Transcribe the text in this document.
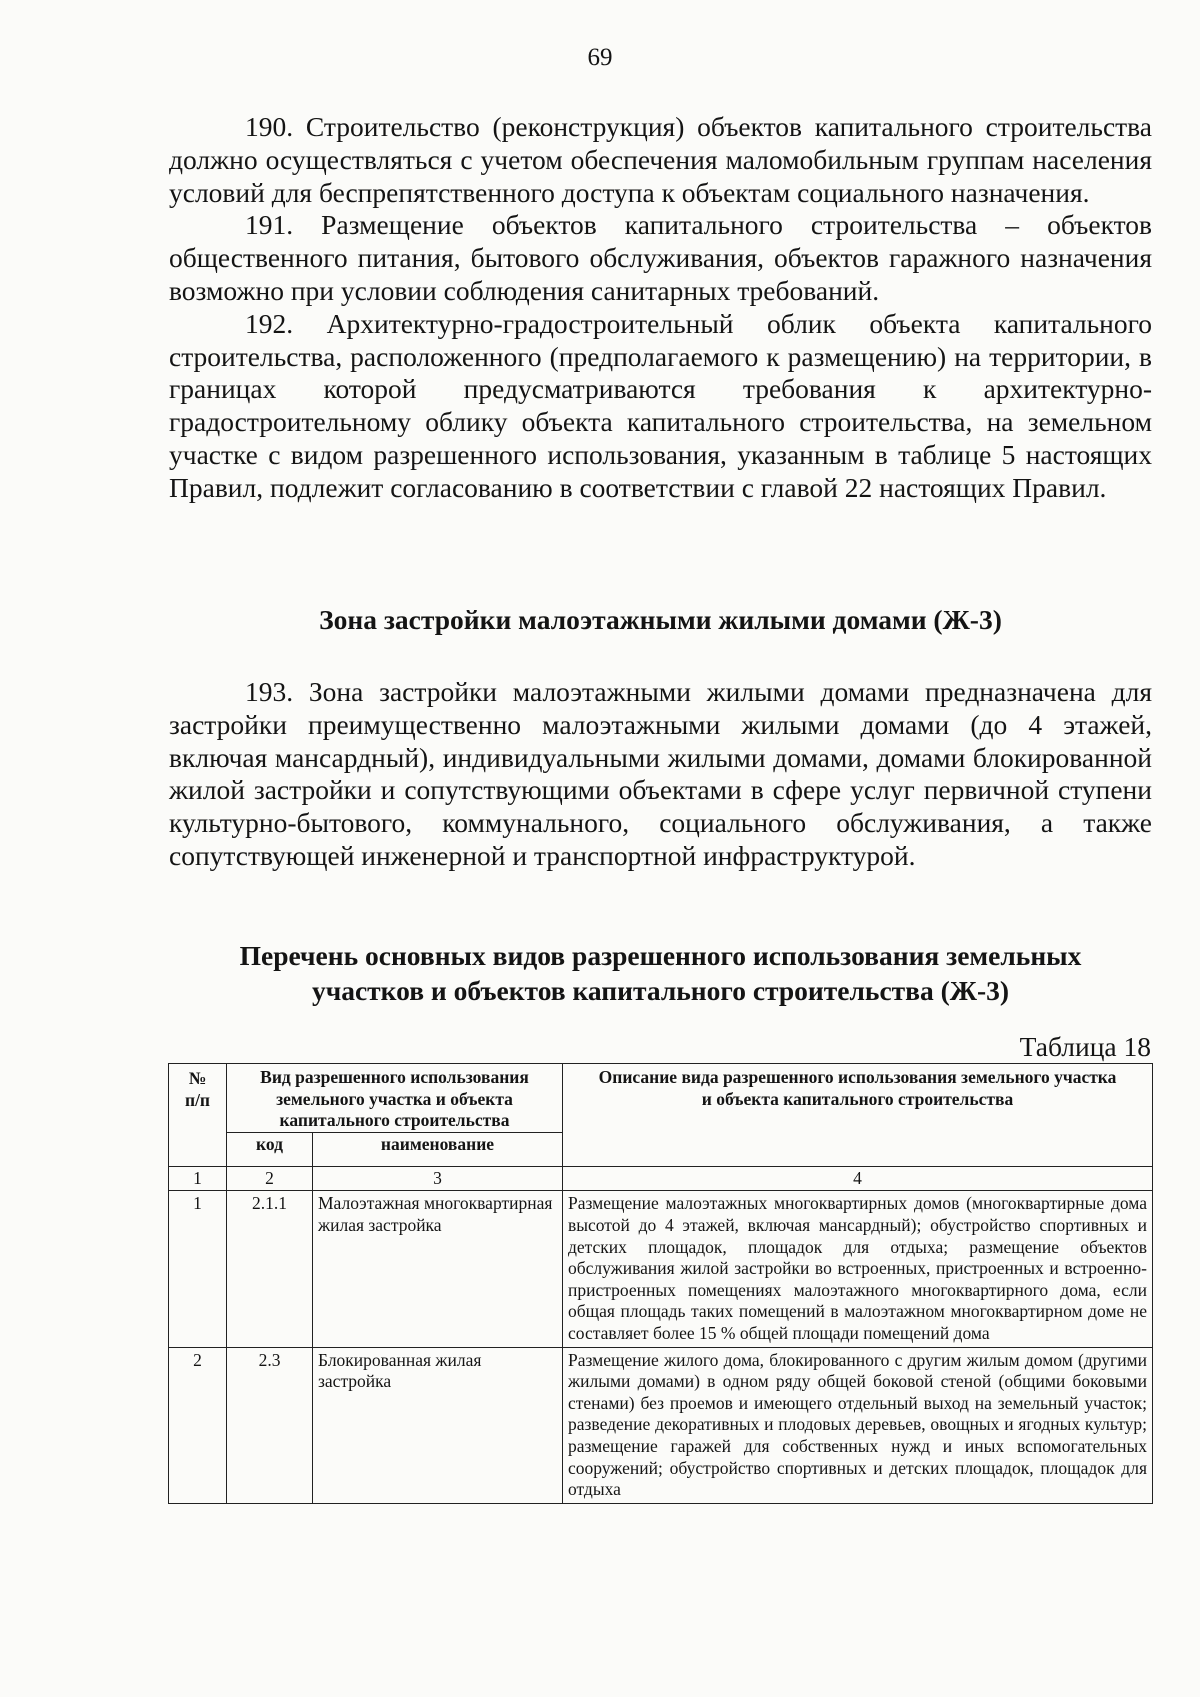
69

190. Строительство (реконструкция) объектов капитального строительства должно осуществляться с учетом обеспечения маломобильным группам населения условий для беспрепятственного доступа к объектам социального назначения.

191. Размещение объектов капитального строительства – объектов общественного питания, бытового обслуживания, объектов гаражного назначения возможно при условии соблюдения санитарных требований.

192. Архитектурно-градостроительный облик объекта капитального строительства, расположенного (предполагаемого к размещению) на территории, в границах которой предусматриваются требования к архитектурно-градостроительному облику объекта капитального строительства, на земельном участке с видом разрешенного использования, указанным в таблице 5 настоящих Правил, подлежит согласованию в соответствии с главой 22 настоящих Правил.

Зона застройки малоэтажными жилыми домами (Ж-3)

193. Зона застройки малоэтажными жилыми домами предназначена для застройки преимущественно малоэтажными жилыми домами (до 4 этажей, включая мансардный), индивидуальными жилыми домами, домами блокированной жилой застройки и сопутствующими объектами в сфере услуг первичной ступени культурно-бытового, коммунального, социального обслуживания, а также сопутствующей инженерной и транспортной инфраструктурой.

Перечень основных видов разрешенного использования земельных
участков и объектов капитального строительства (Ж-3)
Таблица 18
№ п/п	Вид разрешенного использования земельного участка и объекта капитального строительства		Описание вида разрешенного использования земельного участка и объекта капитального строительства
	код	наименование	
1	2	3	4
1	2.1.1	Малоэтажная многоквартирная жилая застройка	Размещение малоэтажных многоквартирных домов (многоквартирные дома высотой до 4 этажей, включая мансардный); обустройство спортивных и детских площадок, площадок для отдыха; размещение объектов обслуживания жилой застройки во встроенных, пристроенных и встроенно-пристроенных помещениях малоэтажного многоквартирного дома, если общая площадь таких помещений в малоэтажном многоквартирном доме не составляет более 15 % общей площади помещений дома
2	2.3	Блокированная жилая застройка	Размещение жилого дома, блокированного с другим жилым домом (другими жилыми домами) в одном ряду общей боковой стеной (общими боковыми стенами) без проемов и имеющего отдельный выход на земельный участок; разведение декоративных и плодовых деревьев, овощных и ягодных культур; размещение гаражей для собственных нужд и иных вспомогательных сооружений; обустройство спортивных и детских площадок, площадок для отдыха
